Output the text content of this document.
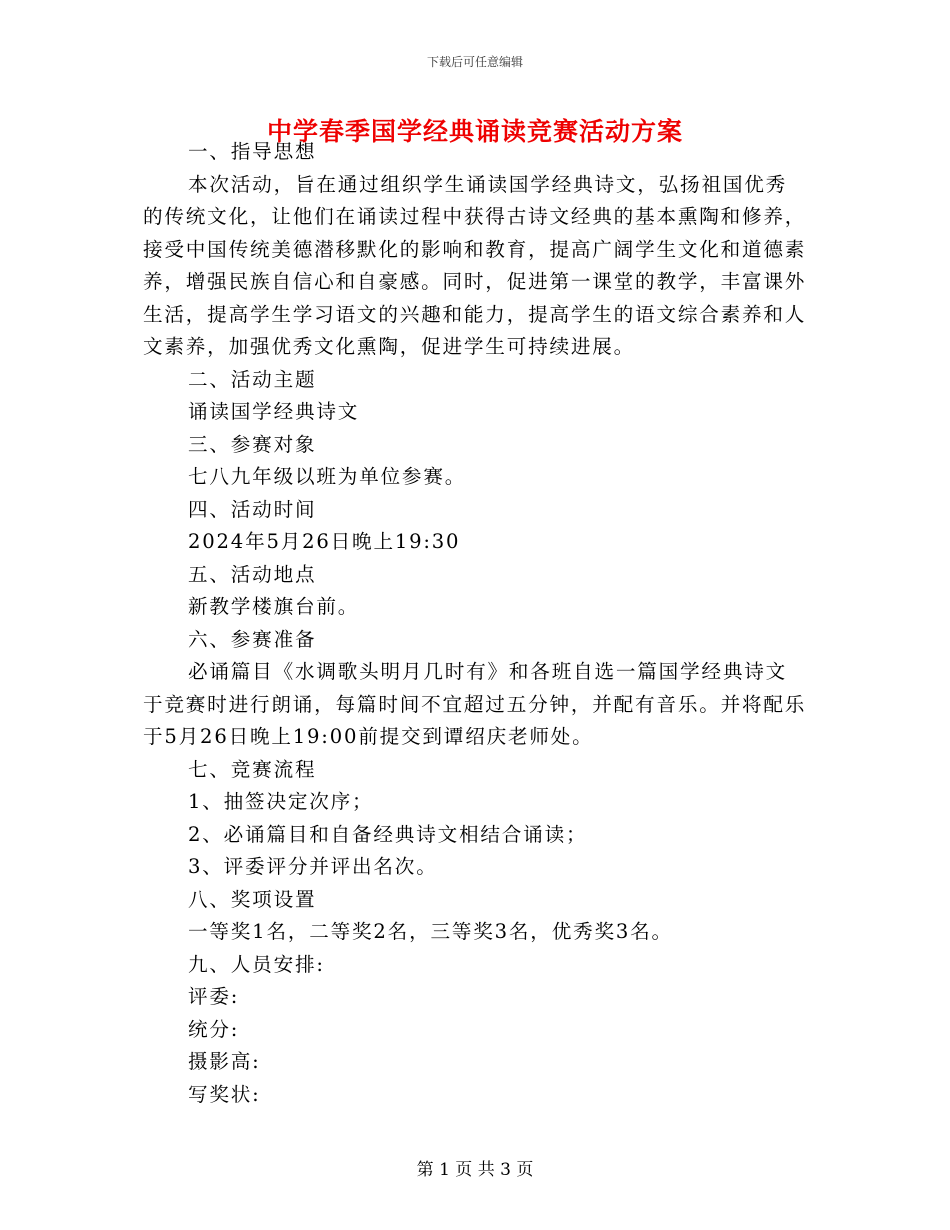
下载后可任意编辑
中学春季国学经典诵读竞赛活动方案

一、指导思想

本次活动，旨在通过组织学生诵读国学经典诗文，弘扬祖国优秀的传统文化，让他们在诵读过程中获得古诗文经典的基本熏陶和修养，接受中国传统美德潜移默化的影响和教育，提高广阔学生文化和道德素养，增强民族自信心和自豪感。同时，促进第一课堂的教学，丰富课外生活，提高学生学习语文的兴趣和能力，提高学生的语文综合素养和人文素养，加强优秀文化熏陶，促进学生可持续进展。

二、活动主题

诵读国学经典诗文

三、参赛对象

七八九年级以班为单位参赛。

四、活动时间

2024年5月26日晚上19:30

五、活动地点

新教学楼旗台前。

六、参赛准备

必诵篇目《水调歌头明月几时有》和各班自选一篇国学经典诗文于竞赛时进行朗诵，每篇时间不宜超过五分钟，并配有音乐。并将配乐于5月26日晚上19:00前提交到谭绍庆老师处。

七、竞赛流程

1、抽签决定次序；

2、必诵篇目和自备经典诗文相结合诵读；

3、评委评分并评出名次。

八、奖项设置

一等奖1名，二等奖2名，三等奖3名，优秀奖3名。

九、人员安排:

评委:

统分:

摄影高:

写奖状:

第 1 页 共 3 页
